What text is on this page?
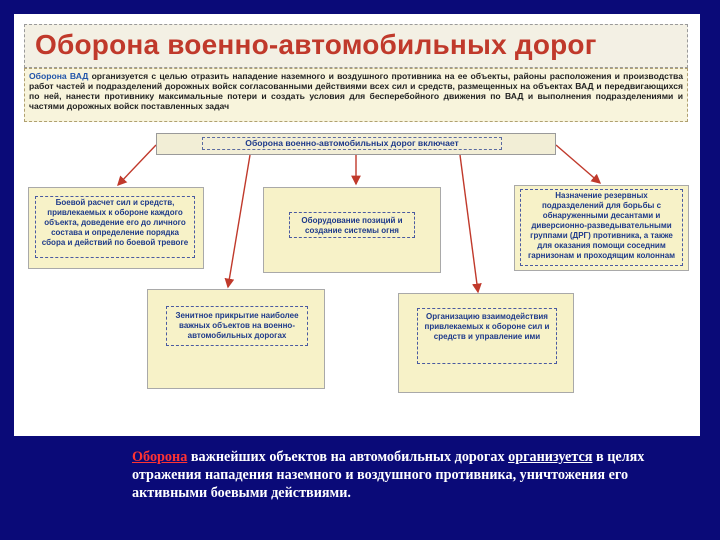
Оборона военно-автомобильных дорог
Оборона ВАД организуется с целью отразить нападение наземного и воздушного противника на ее объекты, районы расположения и производства работ частей и подразделений дорожных войск согласованными действиями всех сил и средств, размещенных на объектах ВАД и передвигающихся по ней, нанести противнику максимальные потери и создать условия для бесперебойного движения по ВАД и выполнения подразделениями и частями дорожных войск поставленных задач
Оборона военно-автомобильных дорог включает
Боевой расчет сил и средств, привлекаемых к обороне каждого объекта, доведение его до личного состава и определение порядка сбора и действий по боевой тревоге
Оборудование позиций и создание системы огня
Назначение резервных подразделений для борьбы с обнаруженными десантами и диверсионно-разведывательными группами (ДРГ) противника, а также для оказания помощи соседним гарнизонам и проходящим колоннам
Зенитное прикрытие наиболее важных объектов на военно-автомобильных дорогах
Организацию взаимодействия привлекаемых к обороне сил и средств и управление ими
Оборона важнейших объектов на автомобильных дорогах организуется в целях отражения нападения наземного и воздушного противника, уничтожения его активными боевыми действиями.
